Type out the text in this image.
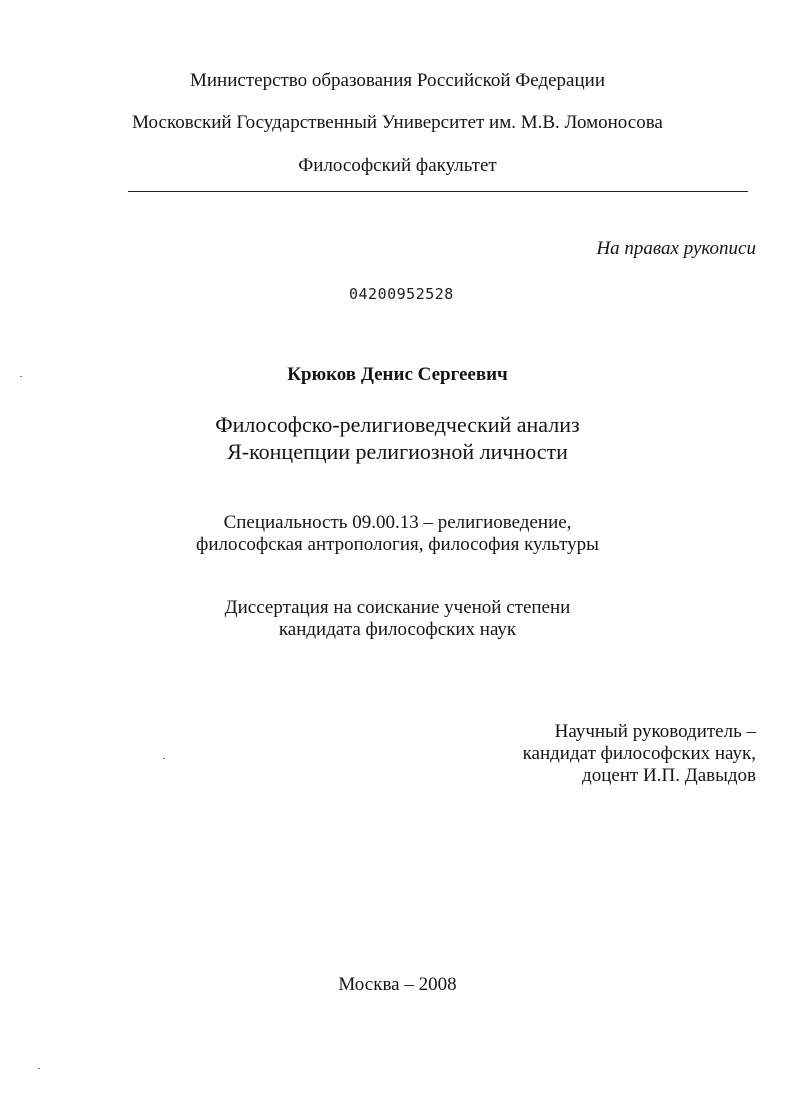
Министерство образования Российской Федерации
Московский Государственный Университет им. М.В. Ломоносова
Философский факультет
На правах рукописи
04200952528
Крюков Денис Сергеевич
Философско-религиоведческий анализ
Я-концепции религиозной личности
Специальность 09.00.13 – религиоведение,
философская антропология, философия культуры
Диссертация на соискание ученой степени
кандидата философских наук
Научный руководитель –
кандидат философских наук,
доцент И.П. Давыдов
Москва – 2008
